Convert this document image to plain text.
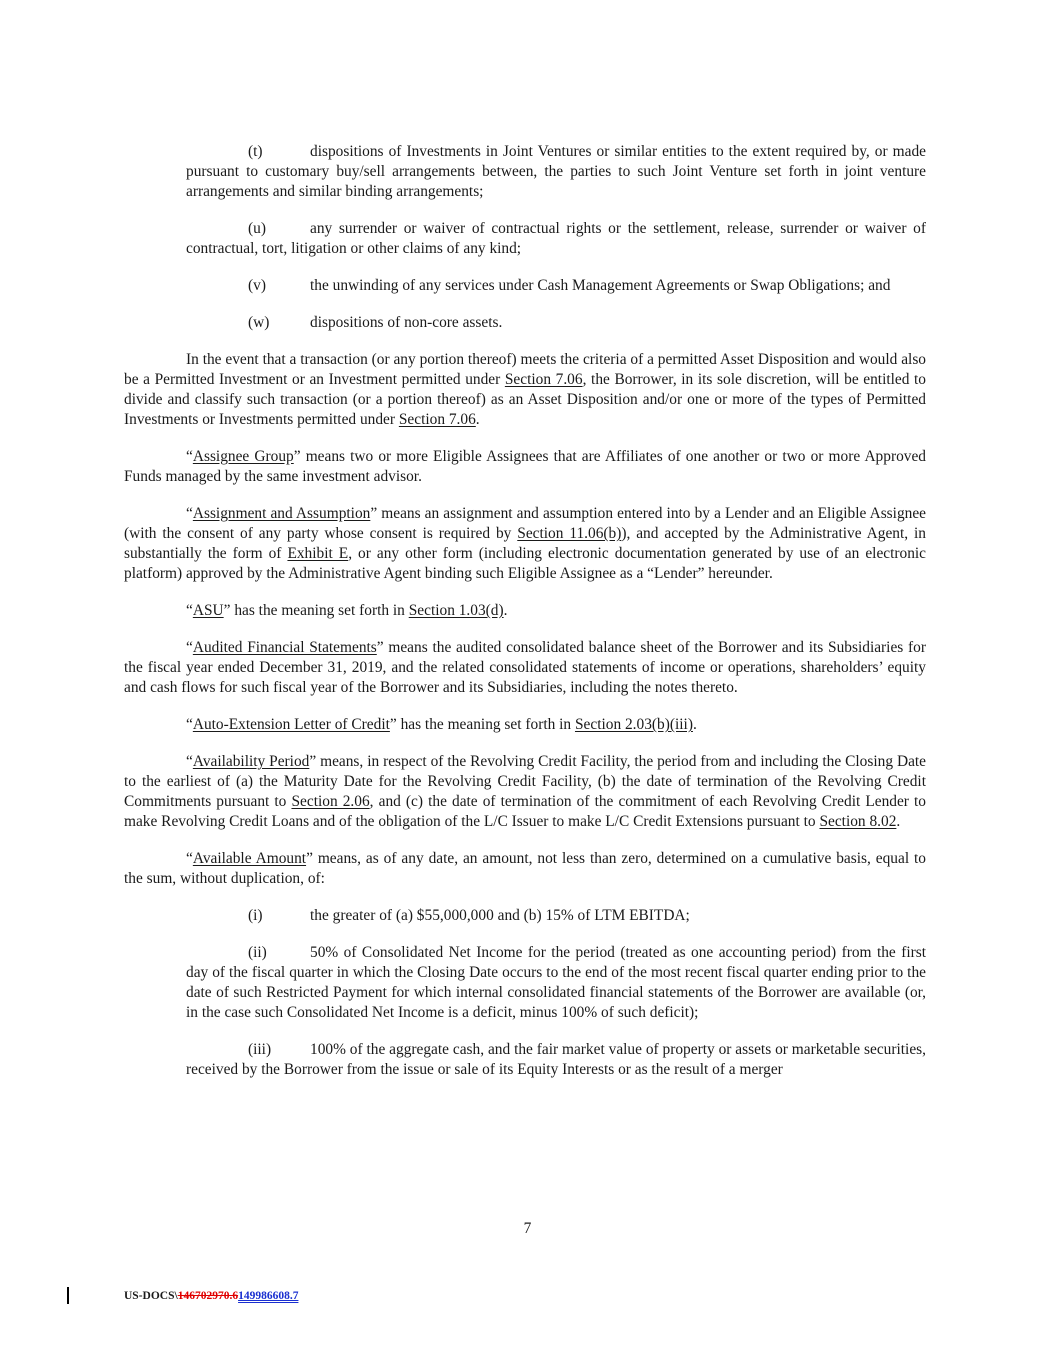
(t)	dispositions of Investments in Joint Ventures or similar entities to the extent required by, or made pursuant to customary buy/sell arrangements between, the parties to such Joint Venture set forth in joint venture arrangements and similar binding arrangements;

(u)	any surrender or waiver of contractual rights or the settlement, release, surrender or waiver of contractual, tort, litigation or other claims of any kind;

(v)	the unwinding of any services under Cash Management Agreements or Swap Obligations; and

(w)	dispositions of non-core assets.

In the event that a transaction (or any portion thereof) meets the criteria of a permitted Asset Disposition and would also be a Permitted Investment or an Investment permitted under Section 7.06, the Borrower, in its sole discretion, will be entitled to divide and classify such transaction (or a portion thereof) as an Asset Disposition and/or one or more of the types of Permitted Investments or Investments permitted under Section 7.06.

“Assignee Group” means two or more Eligible Assignees that are Affiliates of one another or two or more Approved Funds managed by the same investment advisor.

“Assignment and Assumption” means an assignment and assumption entered into by a Lender and an Eligible Assignee (with the consent of any party whose consent is required by Section 11.06(b)), and accepted by the Administrative Agent, in substantially the form of Exhibit E, or any other form (including electronic documentation generated by use of an electronic platform) approved by the Administrative Agent binding such Eligible Assignee as a “Lender” hereunder.

“ASU” has the meaning set forth in Section 1.03(d).

“Audited Financial Statements” means the audited consolidated balance sheet of the Borrower and its Subsidiaries for the fiscal year ended December 31, 2019, and the related consolidated statements of income or operations, shareholders’ equity and cash flows for such fiscal year of the Borrower and its Subsidiaries, including the notes thereto.

“Auto-Extension Letter of Credit” has the meaning set forth in Section 2.03(b)(iii).

“Availability Period” means, in respect of the Revolving Credit Facility, the period from and including the Closing Date to the earliest of (a) the Maturity Date for the Revolving Credit Facility, (b) the date of termination of the Revolving Credit Commitments pursuant to Section 2.06, and (c) the date of termination of the commitment of each Revolving Credit Lender to make Revolving Credit Loans and of the obligation of the L/C Issuer to make L/C Credit Extensions pursuant to Section 8.02.

“Available Amount” means, as of any date, an amount, not less than zero, determined on a cumulative basis, equal to the sum, without duplication, of:

(i)	the greater of (a) $55,000,000 and (b) 15% of LTM EBITDA;

(ii)	50% of Consolidated Net Income for the period (treated as one accounting period) from the first day of the fiscal quarter in which the Closing Date occurs to the end of the most recent fiscal quarter ending prior to the date of such Restricted Payment for which internal consolidated financial statements of the Borrower are available (or, in the case such Consolidated Net Income is a deficit, minus 100% of such deficit);

(iii)	100% of the aggregate cash, and the fair market value of property or assets or marketable securities, received by the Borrower from the issue or sale of its Equity Interests or as the result of a merger

7
US-DOCS\146702970.6149986608.7
